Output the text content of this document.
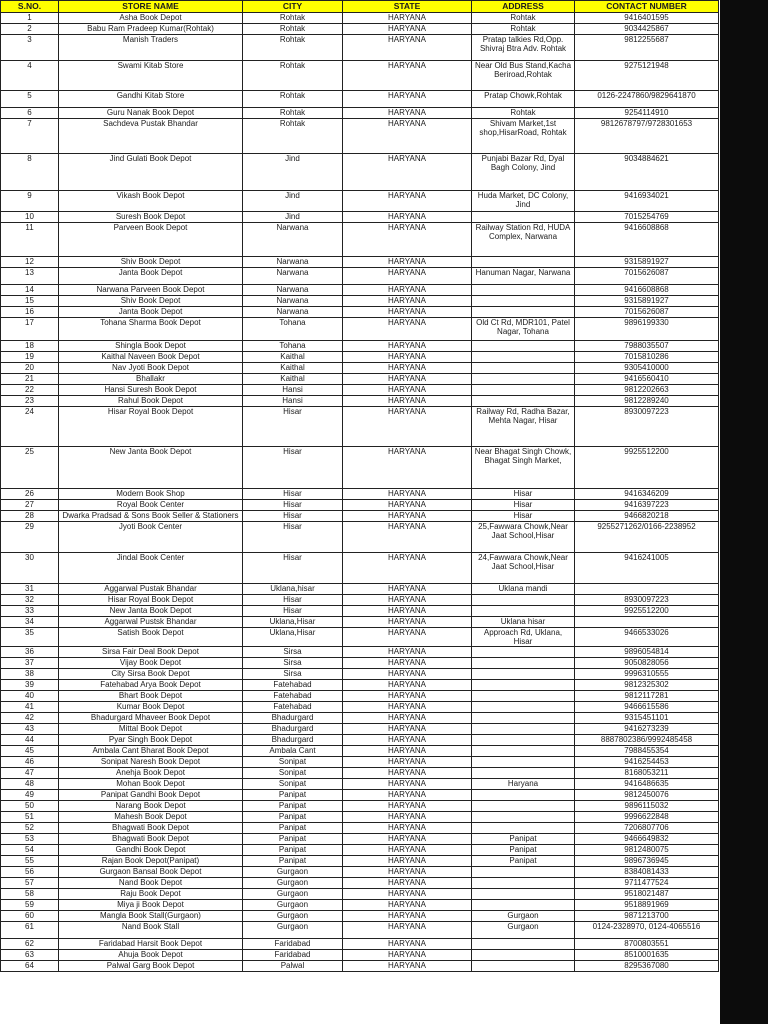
S.NO.	STORE NAME	CITY	STATE	ADDRESS	CONTACT NUMBER
1	Asha Book Depot	Rohtak	HARYANA	Rohtak	9416401595
2	Babu Ram Pradeep Kumar(Rohtak)	Rohtak	HARYANA	Rohtak	9034425867
3	Manish Traders	Rohtak	HARYANA	Pratap talkies Rd,Opp. Shivraj Btra Adv. Rohtak	9812255687
4	Swami Kitab Store	Rohtak	HARYANA	Near Old Bus Stand,Kacha Beriroad,Rohtak	9275121948
5	Gandhi Kitab Store	Rohtak	HARYANA	Pratap Chowk,Rohtak	0126-2247860/9829641870
6	Guru Nanak Book Depot	Rohtak	HARYANA	Rohtak	9254114910
7	Sachdeva Pustak Bhandar	Rohtak	HARYANA	Shivam Market,1st shop,HisarRoad, Rohtak	9812678797/9728301653
8	Jind Gulati Book Depot	Jind	HARYANA	Punjabi Bazar Rd, Dyal Bagh Colony, Jind	9034884621
9	Vikash Book Depot	Jind	HARYANA	Huda Market, DC Colony, Jind	9416934021
10	Suresh Book Depot	Jind	HARYANA		7015254769
11	Parveen Book Depot	Narwana	HARYANA	Railway Station Rd, HUDA Complex, Narwana	9416608868
12	Shiv Book Depot	Narwana	HARYANA		9315891927
13	Janta Book Depot	Narwana	HARYANA	Hanuman Nagar, Narwana	7015626087
14	Narwana Parveen Book Depot	Narwana	HARYANA		9416608868
15	Shiv Book Depot	Narwana	HARYANA		9315891927
16	Janta Book Depot	Narwana	HARYANA		7015626087
17	Tohana Sharma Book Depot	Tohana	HARYANA	Old Ct Rd, MDR101, Patel Nagar, Tohana	9896199330
18	Shingla Book Depot	Tohana	HARYANA		7988035507
19	Kaithal Naveen Book Depot	Kaithal	HARYANA		7015810286
20	Nav Jyoti Book Depot	Kaithal	HARYANA		9305410000
21	Bhallakr	Kaithal	HARYANA		9416560410
22	Hansi Suresh Book Depot	Hansi	HARYANA		9812202663
23	Rahul Book Depot	Hansi	HARYANA		9812289240
24	Hisar Royal Book Depot	Hisar	HARYANA	Railway Rd, Radha Bazar, Mehta Nagar, Hisar	8930097223
25	New Janta Book Depot	Hisar	HARYANA	Near Bhagat Singh Chowk, Bhagat Singh Market,	9925512200
26	Modern Book Shop	Hisar	HARYANA	Hisar	9416346209
27	Royal Book Center	Hisar	HARYANA	Hisar	9416397223
28	Dwarka Pradsad & Sons Book Seller & Stationers	Hisar	HARYANA	Hisar	9466820218
29	Jyoti Book Center	Hisar	HARYANA	25,Fawwara Chowk,Near Jaat School,Hisar	9255271262/0166-2238952
30	Jindal Book Center	Hisar	HARYANA	24,Fawwara Chowk,Near Jaat School,Hisar	9416241005
31	Aggarwal Pustak Bhandar	Uklana,hisar	HARYANA	Uklana mandi	
32	Hisar Royal Book Depot	Hisar	HARYANA		8930097223
33	New Janta Book Depot	Hisar	HARYANA		9925512200
34	Aggarwal Pustsk Bhandar	Uklana,Hisar	HARYANA	Uklana hisar	
35	Satish Book Depot	Uklana,Hisar	HARYANA	Approach Rd, Uklana, Hisar	9466533026
36	Sirsa Fair Deal Book Depot	Sirsa	HARYANA		9896054814
37	Vijay Book Depot	Sirsa	HARYANA		9050828056
38	City Sirsa Book Depot	Sirsa	HARYANA		9996310555
39	Fatehabad Arya Book Depot	Fatehabad	HARYANA		9812325302
40	Bhart Book Depot	Fatehabad	HARYANA		9812117281
41	Kumar Book Depot	Fatehabad	HARYANA		9466615586
42	Bhadurgard Mhaveer Book Depot	Bhadurgard	HARYANA		9315451101
43	Mittal Book Depot	Bhadurgard	HARYANA		9416273239
44	Pyar Singh Book Depot	Bhadurgard	HARYANA		8887802386/9992485458
45	Ambala Cant Bharat Book Depot	Ambala Cant	HARYANA		7988455354
46	Sonipat Naresh Book Depot	Sonipat	HARYANA		9416254453
47	Anehja Book Depot	Sonipat	HARYANA		8168053211
48	Mohan Book Depot	Sonipat	HARYANA	Haryana	9416486635
49	Panipat Gandhi Book Depot	Panipat	HARYANA		9812450076
50	Narang Book Depot	Panipat	HARYANA		9896115032
51	Mahesh Book Depot	Panipat	HARYANA		9996622848
52	Bhagwati Book Depot	Panipat	HARYANA		7206807706
53	Bhagwati Book Depot	Panipat	HARYANA	Panipat	9466649832
54	Gandhi Book Depot	Panipat	HARYANA	Panipat	9812480075
55	Rajan Book Depot(Panipat)	Panipat	HARYANA	Panipat	9896736945
56	Gurgaon Bansal Book Depot	Gurgaon	HARYANA		8384081433
57	Nand Book Depot	Gurgaon	HARYANA		9711477524
58	Raju Book Depot	Gurgaon	HARYANA		9518021487
59	Miya ji Book Depot	Gurgaon	HARYANA		9518891969
60	Mangla Book Stall(Gurgaon)	Gurgaon	HARYANA	Gurgaon	9871213700
61	Nand Book Stall	Gurgaon	HARYANA	Gurgaon	0124-2328970, 0124-4065516
62	Faridabad Harsit Book Depot	Faridabad	HARYANA		8700803551
63	Ahuja Book Depot	Faridabad	HARYANA		8510001635
64	Palwal Garg Book Depot	Palwal	HARYANA		8295367080
